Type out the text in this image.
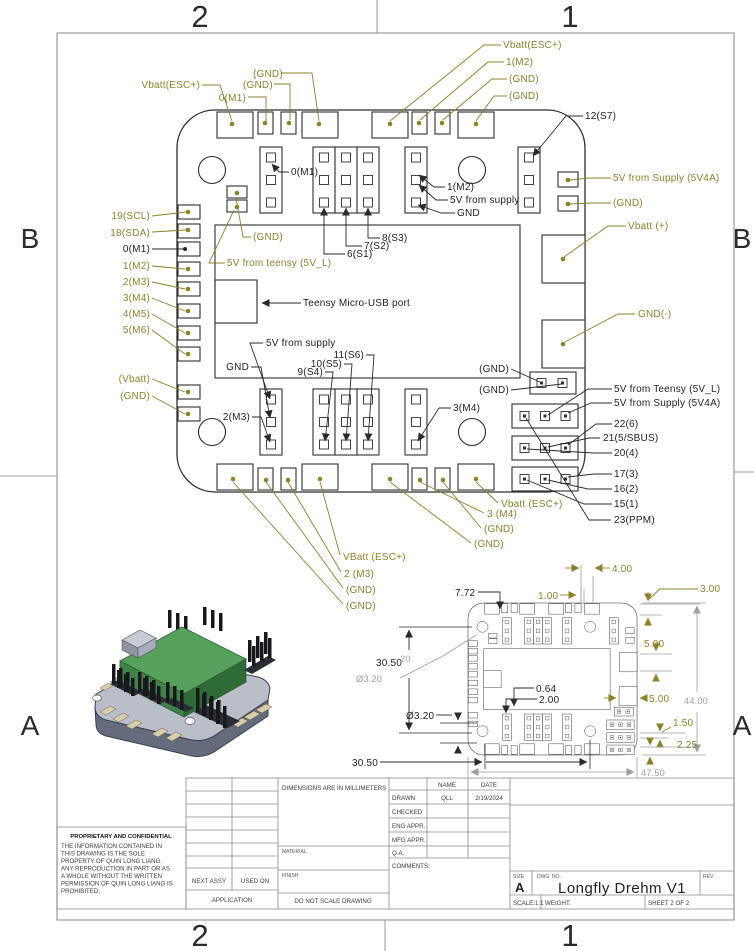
2	1
2	1
B
A
B
A
Vbatt(ESC+)
0(M1)
(GND)
(GND)
Vbatt(ESC+)
1(M2)
(GND)
(GND)
12(S7)
19(SCL)
18(SDA)
0(M1)
1(M2)
2(M3)
3(M4)
4(M5)
5(M6)
(Vbatt)
(GND)
(GND)
5V from teensy (5V_L)
0(M1)
1(M2)
5V from supply
GND
6(S1)
7(S2)
8(S3)
Teensy Micro-USB port
5V from Supply (5V4A)
(GND)
Vbatt (+)
GND(-)
5V from supply
GND	9(S4)
10(S5)
11(S6)
2(M3)
3(M4)
(GND)
(GND)	5V from Teensy (5V_L)
5V from Supply (5V4A)
22(6)
21(5/SBUS)
20(4)
17(3)
16(2)
15(1)
23(PPM)
Vbatt (ESC+)
3 (M4)
(GND)
(GND)
VBatt (ESC+)
2 (M3)
(GND)
(GND)
7.72	1.00
4.00
3.00
5.00
5.00 44.00
1.50
2.25
47.50
30.50
20
Ø3.20
Ø3.20
0.64
2.00
30.50
NEXT ASSY USED ON
APPLICATION
DIMENSIONS ARE IN MILLIMETERS
MATERIAL
FINISH
DO NOT SCALE DRAWING
NAME	DATE
DRAWN	QLL	2/19/2024
CHECKED
ENG APPR.
MFG APPR.
Q.A.
COMMENTS:
SIZE
A
DWG. NO.
Longfly Drehm V1
REV.
SCALE:1:1 WEIGHT:	SHEET 2 OF 2
PROPRIETARY AND CONFIDENTIAL
THE INFORMATION CONTAINED IN
THIS DRAWING IS THE SOLE
PROPERTY OF QUIN LONG LIANG.
ANY REPRODUCTION IN PART OR AS
A WHOLE WITHOUT THE WRITTEN
PERMISSION OF QUIN LONG LIANG IS
PROHIBITED.
